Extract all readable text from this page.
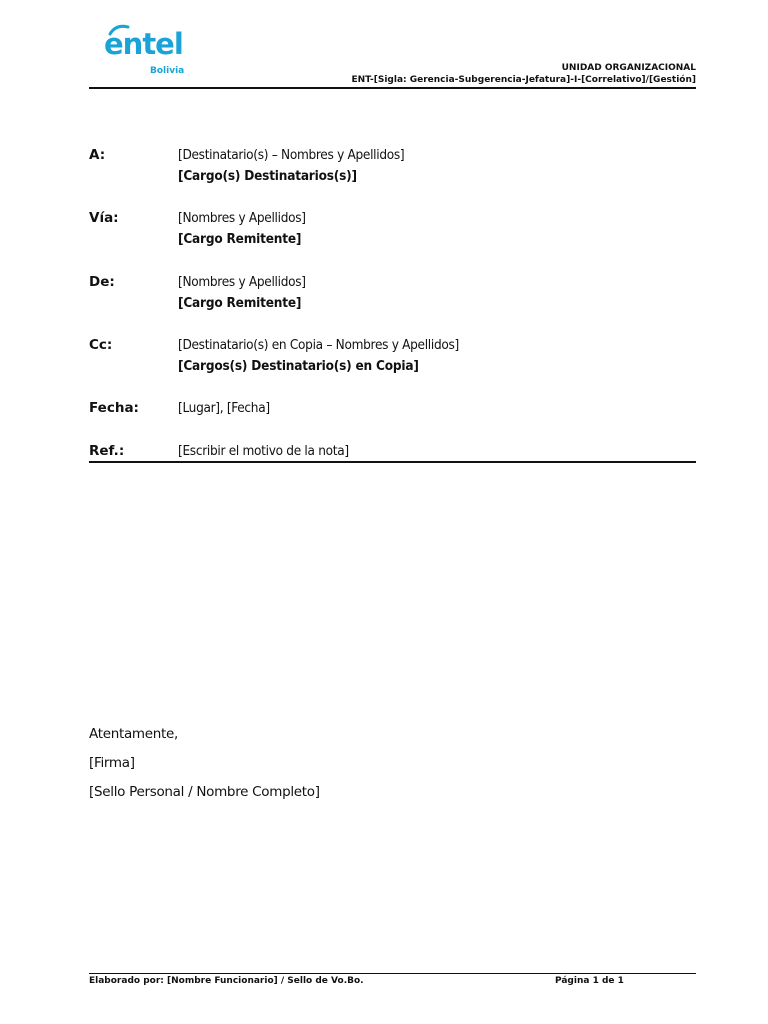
entel
Bolivia	UNIDAD ORGANIZACIONAL
ENT-[Sigla: Gerencia-Subgerencia-Jefatura]-I-[Correlativo]/[Gestión]
A:	[Destinatario(s) – Nombres y Apellidos]
[Cargo(s) Destinatarios(s)]
Vía:	[Nombres y Apellidos]
[Cargo Remitente]
De:	[Nombres y Apellidos]
[Cargo Remitente]
Cc:	[Destinatario(s) en Copia – Nombres y Apellidos]
[Cargos(s) Destinatario(s) en Copia]
Fecha:	[Lugar], [Fecha]
Ref.:	[Escribir el motivo de la nota]
Atentamente,
[Firma]
[Sello Personal / Nombre Completo]
Elaborado por: [Nombre Funcionario] / Sello de Vo.Bo.	Página 1 de 1
